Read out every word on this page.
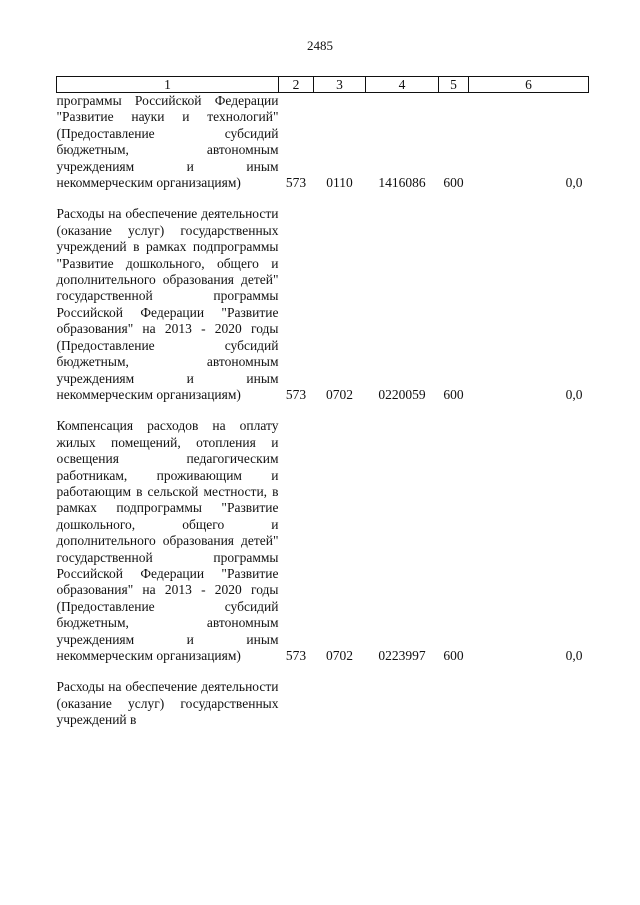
2485
1	2	3	4	5	6

программы Российской Федерации "Развитие науки и технологий" (Предоставление субсидий бюджетным, автономным учреждениям и иным некоммерческим организациям)	573	0110	1416086	600	0,0

Расходы на обеспечение деятельности (оказание услуг) государственных учреждений в рамках подпрограммы "Развитие дошкольного, общего и дополнительного образования детей" государственной программы Российской Федерации "Развитие образования" на 2013 - 2020 годы (Предоставление субсидий бюджетным, автономным учреждениям и иным некоммерческим организациям)	573	0702	0220059	600	0,0

Компенсация расходов на оплату жилых помещений, отопления и освещения педагогическим работникам, проживающим и работающим в сельской местности, в рамках подпрограммы "Развитие дошкольного, общего и дополнительного образования детей" государственной программы Российской Федерации "Развитие образования" на 2013 - 2020 годы (Предоставление субсидий бюджетным, автономным учреждениям и иным некоммерческим организациям)	573	0702	0223997	600	0,0

Расходы на обеспечение деятельности (оказание услуг) государственных учреждений в					
